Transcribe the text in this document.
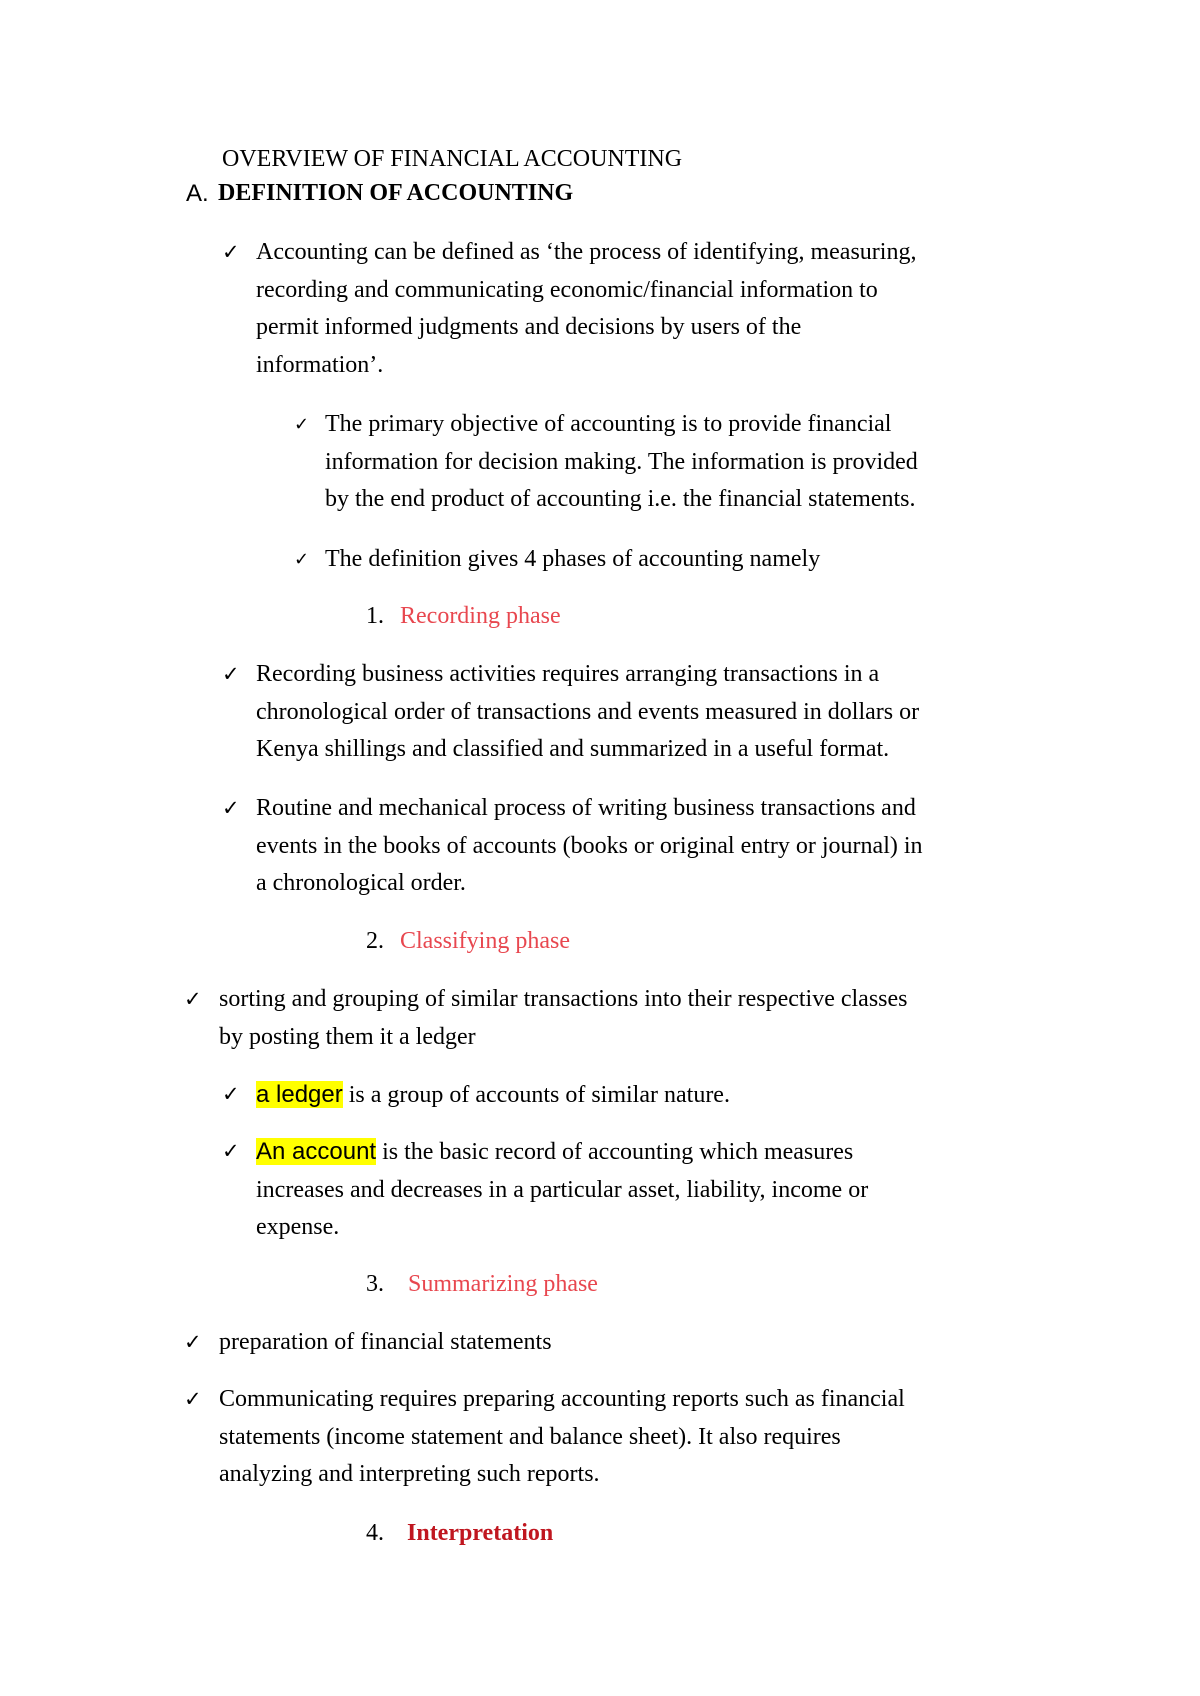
OVERVIEW OF FINANCIAL ACCOUNTING
A. DEFINITION OF ACCOUNTING
✓ Accounting can be defined as ‘the process of identifying, measuring,
recording and communicating economic/financial information to
permit informed judgments and decisions by users of the
information’.
✓ The primary objective of accounting is to provide financial
information for decision making. The information is provided
by the end product of accounting i.e. the financial statements.
✓ The definition gives 4 phases of accounting namely
1. Recording phase
✓ Recording business activities requires arranging transactions in a
chronological order of transactions and events measured in dollars or
Kenya shillings and classified and summarized in a useful format.
✓ Routine and mechanical process of writing business transactions and
events in the books of accounts (books or original entry or journal) in
a chronological order.
2. Classifying phase
✓ sorting and grouping of similar transactions into their respective classes
by posting them it a ledger
✓ a ledger is a group of accounts of similar nature.
✓ An account is the basic record of accounting which measures
increases and decreases in a particular asset, liability, income or
expense.
3. Summarizing phase
✓ preparation of financial statements
✓ Communicating requires preparing accounting reports such as financial
statements (income statement and balance sheet). It also requires
analyzing and interpreting such reports.
4. Interpretation
